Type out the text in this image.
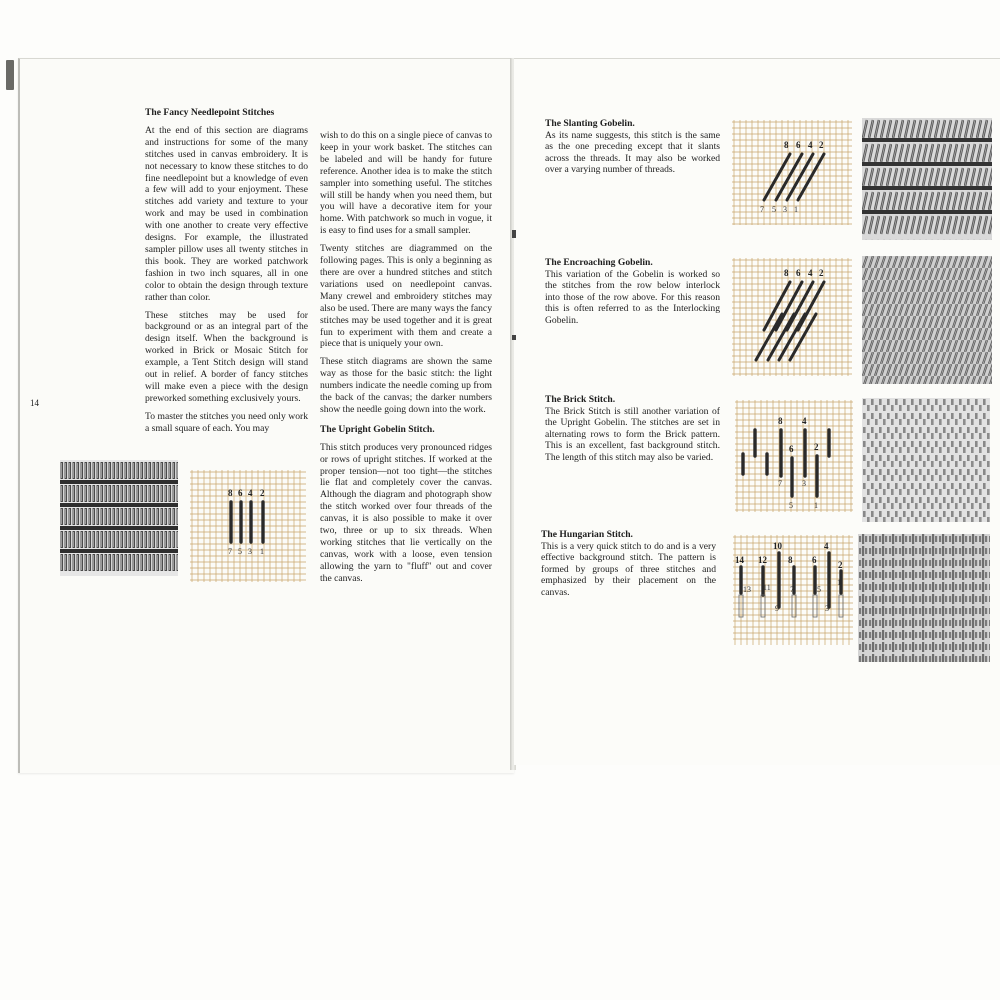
14

The Fancy Needlepoint Stitches

At the end of this section are diagrams and instructions for some of the many stitches used in canvas embroidery. It is not necessary to know these stitches to do fine needlepoint but a knowledge of even a few will add to your enjoyment. These stitches add variety and texture to your work and may be used in combination with one another to create very effective designs. For example, the illustrated sampler pillow uses all twenty stitches in this book. They are worked patchwork fashion in two inch squares, all in one color to obtain the design through texture rather than color.

These stitches may be used for background or as an integral part of the design itself. When the background is worked in Brick or Mosaic Stitch for example, a Tent Stitch design will stand out in relief. A border of fancy stitches will make even a piece with the design preworked something exclusively yours.

To master the stitches you need only work a small square of each. You may

wish to do this on a single piece of canvas to keep in your work basket. The stitches can be labeled and will be handy for future reference. Another idea is to make the stitch sampler into something useful. The stitches will still be handy when you need them, but you will have a decorative item for your home. With patchwork so much in vogue, it is easy to find uses for a small sampler.

Twenty stitches are diagrammed on the following pages. This is only a beginning as there are over a hundred stitches and stitch variations used on needlepoint canvas. Many crewel and embroidery stitches may also be used. There are many ways the fancy stitches may be used together and it is great fun to experiment with them and create a piece that is uniquely your own.

These stitch diagrams are shown the same way as those for the basic stitch: the light numbers indicate the needle coming up from the back of the canvas; the darker numbers show the needle going down into the work.

The Upright Gobelin Stitch.

This stitch produces very pronounced ridges or rows of upright stitches. If worked at the proper tension—not too tight—the stitches lie flat and completely cover the canvas. Although the diagram and photograph show the stitch worked over four threads of the canvas, it is also possible to make it over two, three or up to six threads. When working stitches that lie vertically on the canvas, work with a loose, even tension allowing the yarn to "fluff" out and cover the canvas.

8 6 4 2
7 5 3 1

The Slanting Gobelin.

As its name suggests, this stitch is the same as the one preceding except that it slants across the threads. It may also be worked over a varying number of threads.

The Encroaching Gobelin.

This variation of the Gobelin is worked so the stitches from the row below interlock into those of the row above. For this reason this is often referred to as the Interlocking Gobelin.

The Brick Stitch.

The Brick Stitch is still another variation of the Upright Gobelin. The stitches are set in alternating rows to form the Brick pattern. This is an excellent, fast background stitch. The length of this stitch may also be varied.

The Hungarian Stitch.

This is a very quick stitch to do and is a very effective background stitch. The pattern is formed by groups of three stitches and emphasized by their placement on the canvas.

8 6 4 2
7 5 3 1
8 6 4 2
8 4
6 2
7	3
5	1
14 12
10
8 6
4
2
13 11
9
7	5
3
1
